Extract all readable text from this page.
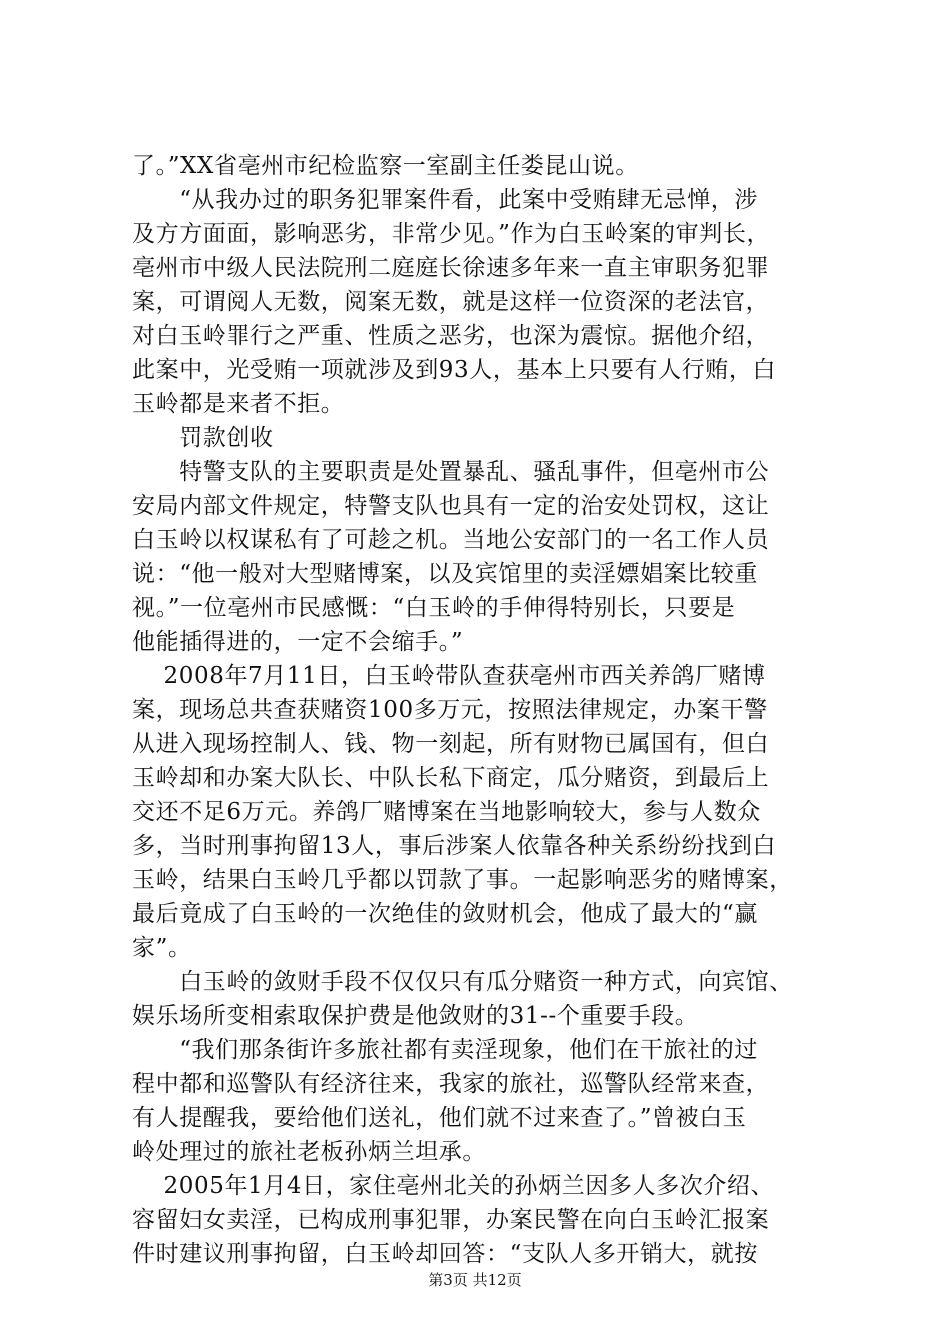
了。”XX省亳州市纪检监察一室副主任娄昆山说。
　　“从我办过的职务犯罪案件看，此案中受贿肆无忌惮，涉
及方方面面，影响恶劣，非常少见。”作为白玉岭案的审判长，
亳州市中级人民法院刑二庭庭长徐速多年来一直主审职务犯罪
案，可谓阅人无数，阅案无数，就是这样一位资深的老法官，
对白玉岭罪行之严重、性质之恶劣，也深为震惊。据他介绍，
此案中，光受贿一项就涉及到93人，基本上只要有人行贿，白
玉岭都是来者不拒。
　　罚款创收
　　特警支队的主要职责是处置暴乱、骚乱事件，但亳州市公
安局内部文件规定，特警支队也具有一定的治安处罚权，这让
白玉岭以权谋私有了可趁之机。当地公安部门的一名工作人员
说：“他一般对大型赌博案，以及宾馆里的卖淫嫖娼案比较重
视。”一位亳州市民感慨：“白玉岭的手伸得特别长，只要是
他能插得进的，一定不会缩手。”
　 2008年7月11日，白玉岭带队查获亳州市西关养鸽厂赌博
案，现场总共查获赌资100多万元，按照法律规定，办案干警
从进入现场控制人、钱、物一刻起，所有财物已属国有，但白
玉岭却和办案大队长、中队长私下商定，瓜分赌资，到最后上
交还不足6万元。养鸽厂赌博案在当地影响较大，参与人数众
多，当时刑事拘留13人，事后涉案人依靠各种关系纷纷找到白
玉岭，结果白玉岭几乎都以罚款了事。一起影响恶劣的赌博案，
最后竟成了白玉岭的一次绝佳的敛财机会，他成了最大的“赢
家”。
　　白玉岭的敛财手段不仅仅只有瓜分赌资一种方式，向宾馆、
娱乐场所变相索取保护费是他敛财的31--个重要手段。
　　“我们那条街许多旅社都有卖淫现象，他们在干旅社的过
程中都和巡警队有经济往来，我家的旅社，巡警队经常来查，
有人提醒我，要给他们送礼，他们就不过来查了。”曾被白玉
岭处理过的旅社老板孙炳兰坦承。
　 2005年1月4日，家住亳州北关的孙炳兰因多人多次介绍、
容留妇女卖淫，已构成刑事犯罪，办案民警在向白玉岭汇报案
件时建议刑事拘留，白玉岭却回答：“支队人多开销大，就按
第3页 共12页
